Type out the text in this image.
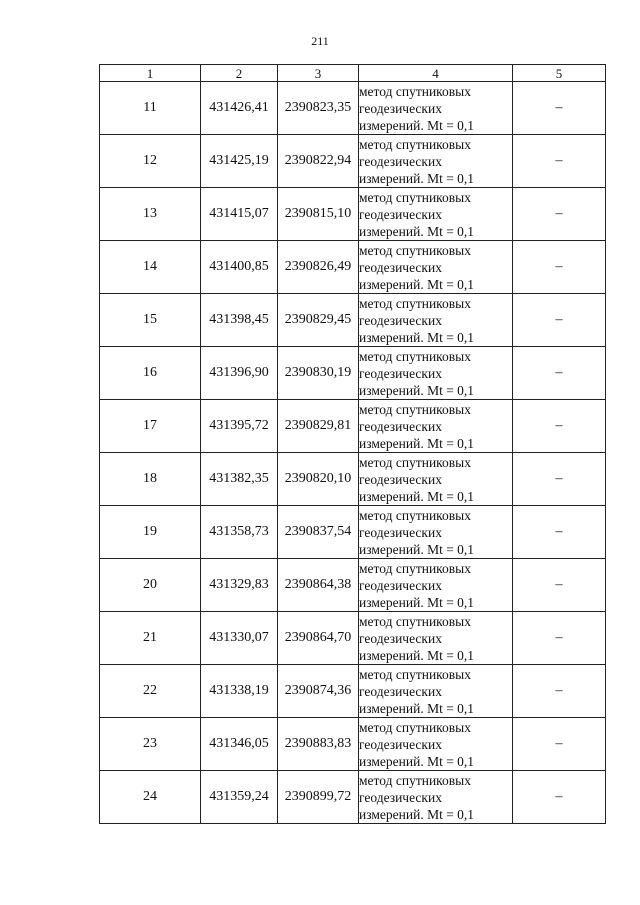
211
1	2	3	4	5
11	431426,41	2390823,35	метод спутниковых
геодезических
измерений. Mt = 0,1	–
12	431425,19	2390822,94	метод спутниковых
геодезических
измерений. Mt = 0,1	–
13	431415,07	2390815,10	метод спутниковых
геодезических
измерений. Mt = 0,1	–
14	431400,85	2390826,49	метод спутниковых
геодезических
измерений. Mt = 0,1	–
15	431398,45	2390829,45	метод спутниковых
геодезических
измерений. Mt = 0,1	–
16	431396,90	2390830,19	метод спутниковых
геодезических
измерений. Mt = 0,1	–
17	431395,72	2390829,81	метод спутниковых
геодезических
измерений. Mt = 0,1	–
18	431382,35	2390820,10	метод спутниковых
геодезических
измерений. Mt = 0,1	–
19	431358,73	2390837,54	метод спутниковых
геодезических
измерений. Mt = 0,1	–
20	431329,83	2390864,38	метод спутниковых
геодезических
измерений. Mt = 0,1	–
21	431330,07	2390864,70	метод спутниковых
геодезических
измерений. Mt = 0,1	–
22	431338,19	2390874,36	метод спутниковых
геодезических
измерений. Mt = 0,1	–
23	431346,05	2390883,83	метод спутниковых
геодезических
измерений. Mt = 0,1	–
24	431359,24	2390899,72	метод спутниковых
геодезических
измерений. Mt = 0,1	–
